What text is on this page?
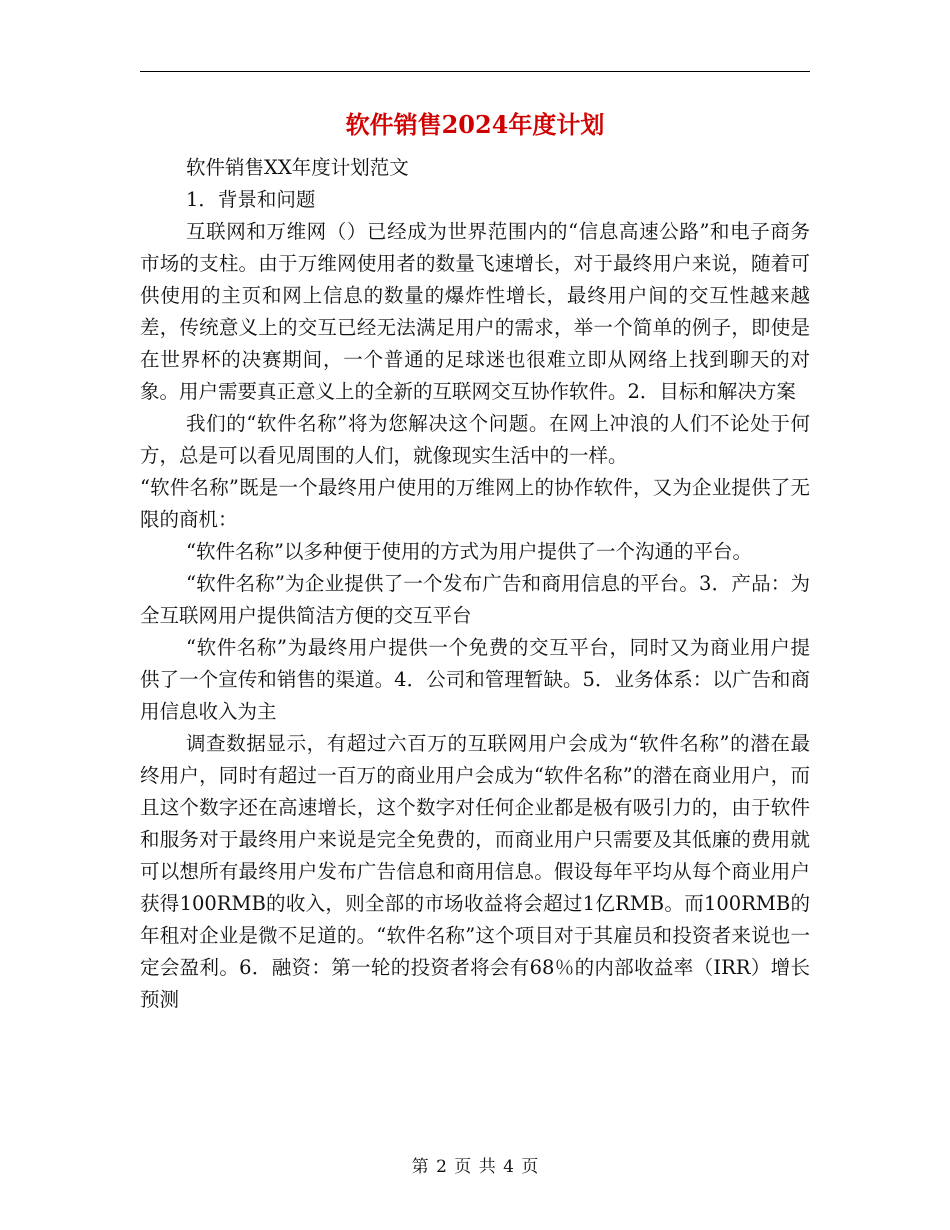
软件销售2024年度计划

软件销售XX年度计划范文

1．背景和问题

互联网和万维网（）已经成为世界范围内的“信息高速公路”和电子商务市场的支柱。由于万维网使用者的数量飞速增长，对于最终用户来说，随着可供使用的主页和网上信息的数量的爆炸性增长，最终用户间的交互性越来越差，传统意义上的交互已经无法满足用户的需求，举一个简单的例子，即使是在世界杯的决赛期间，一个普通的足球迷也很难立即从网络上找到聊天的对象。用户需要真正意义上的全新的互联网交互协作软件。2．目标和解决方案

我们的“软件名称”将为您解决这个问题。在网上冲浪的人们不论处于何方，总是可以看见周围的人们，就像现实生活中的一样。

“软件名称”既是一个最终用户使用的万维网上的协作软件，又为企业提供了无限的商机：

“软件名称”以多种便于使用的方式为用户提供了一个沟通的平台。

“软件名称”为企业提供了一个发布广告和商用信息的平台。3．产品：为全互联网用户提供简洁方便的交互平台

“软件名称”为最终用户提供一个免费的交互平台，同时又为商业用户提供了一个宣传和销售的渠道。4．公司和管理暂缺。5．业务体系：以广告和商用信息收入为主

调查数据显示，有超过六百万的互联网用户会成为“软件名称”的潜在最终用户，同时有超过一百万的商业用户会成为“软件名称”的潜在商业用户，而且这个数字还在高速增长，这个数字对任何企业都是极有吸引力的，由于软件和服务对于最终用户来说是完全免费的，而商业用户只需要及其低廉的费用就可以想所有最终用户发布广告信息和商用信息。假设每年平均从每个商业用户获得100RMB的收入，则全部的市场收益将会超过1亿RMB。而100RMB的年租对企业是微不足道的。“软件名称”这个项目对于其雇员和投资者来说也一定会盈利。6．融资：第一轮的投资者将会有68％的内部收益率（IRR）增长预测

第 2 页 共 4 页
